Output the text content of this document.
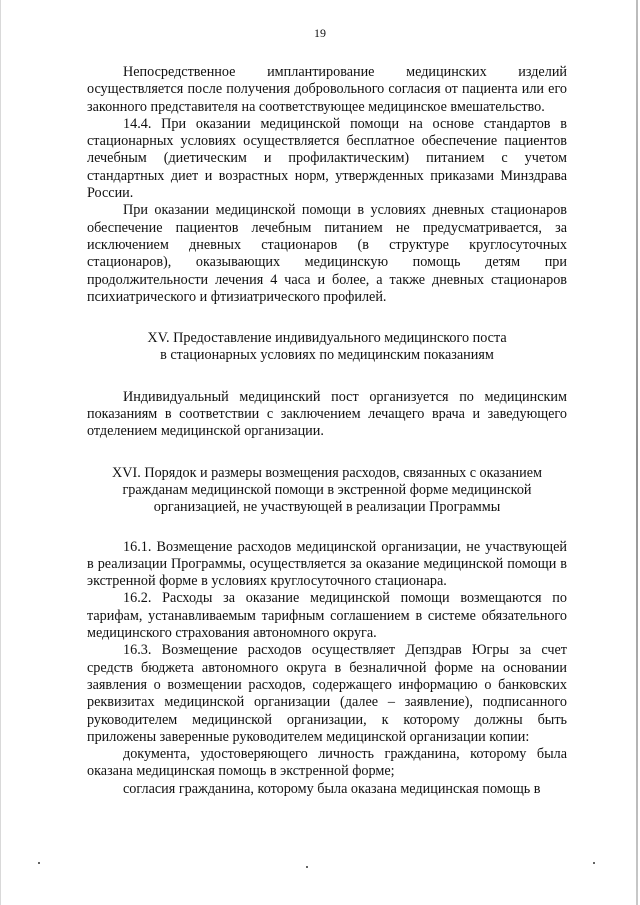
19

Непосредственное имплантирование медицинских изделий осуществляется после получения добровольного согласия от пациента или его законного представителя на соответствующее медицинское вмешательство.

14.4. При оказании медицинской помощи на основе стандартов в стационарных условиях осуществляется бесплатное обеспечение пациентов лечебным (диетическим и профилактическим) питанием с учетом стандартных диет и возрастных норм, утвержденных приказами Минздрава России.

При оказании медицинской помощи в условиях дневных стационаров обеспечение пациентов лечебным питанием не предусматривается, за исключением дневных стационаров (в структуре круглосуточных стационаров), оказывающих медицинскую помощь детям при продолжительности лечения 4 часа и более, а также дневных стационаров психиатрического и фтизиатрического профилей.

XV. Предоставление индивидуального медицинского поста

в стационарных условиях по медицинским показаниям

Индивидуальный медицинский пост организуется по медицинским показаниям в соответствии с заключением лечащего врача и заведующего отделением медицинской организации.

XVI. Порядок и размеры возмещения расходов, связанных с оказанием

гражданам медицинской помощи в экстренной форме медицинской

организацией, не участвующей в реализации Программы

16.1. Возмещение расходов медицинской организации, не участвующей в реализации Программы, осуществляется за оказание медицинской помощи в экстренной форме в условиях круглосуточного стационара.

16.2. Расходы за оказание медицинской помощи возмещаются по тарифам, устанавливаемым тарифным соглашением в системе обязательного медицинского страхования автономного округа.

16.3. Возмещение расходов осуществляет Депздрав Югры за счет средств бюджета автономного округа в безналичной форме на основании заявления о возмещении расходов, содержащего информацию о банковских реквизитах медицинской организации (далее – заявление), подписанного руководителем медицинской организации, к которому должны быть приложены заверенные руководителем медицинской организации копии:

документа, удостоверяющего личность гражданина, которому была оказана медицинская помощь в экстренной форме;

согласия гражданина, которому была оказана медицинская помощь в
